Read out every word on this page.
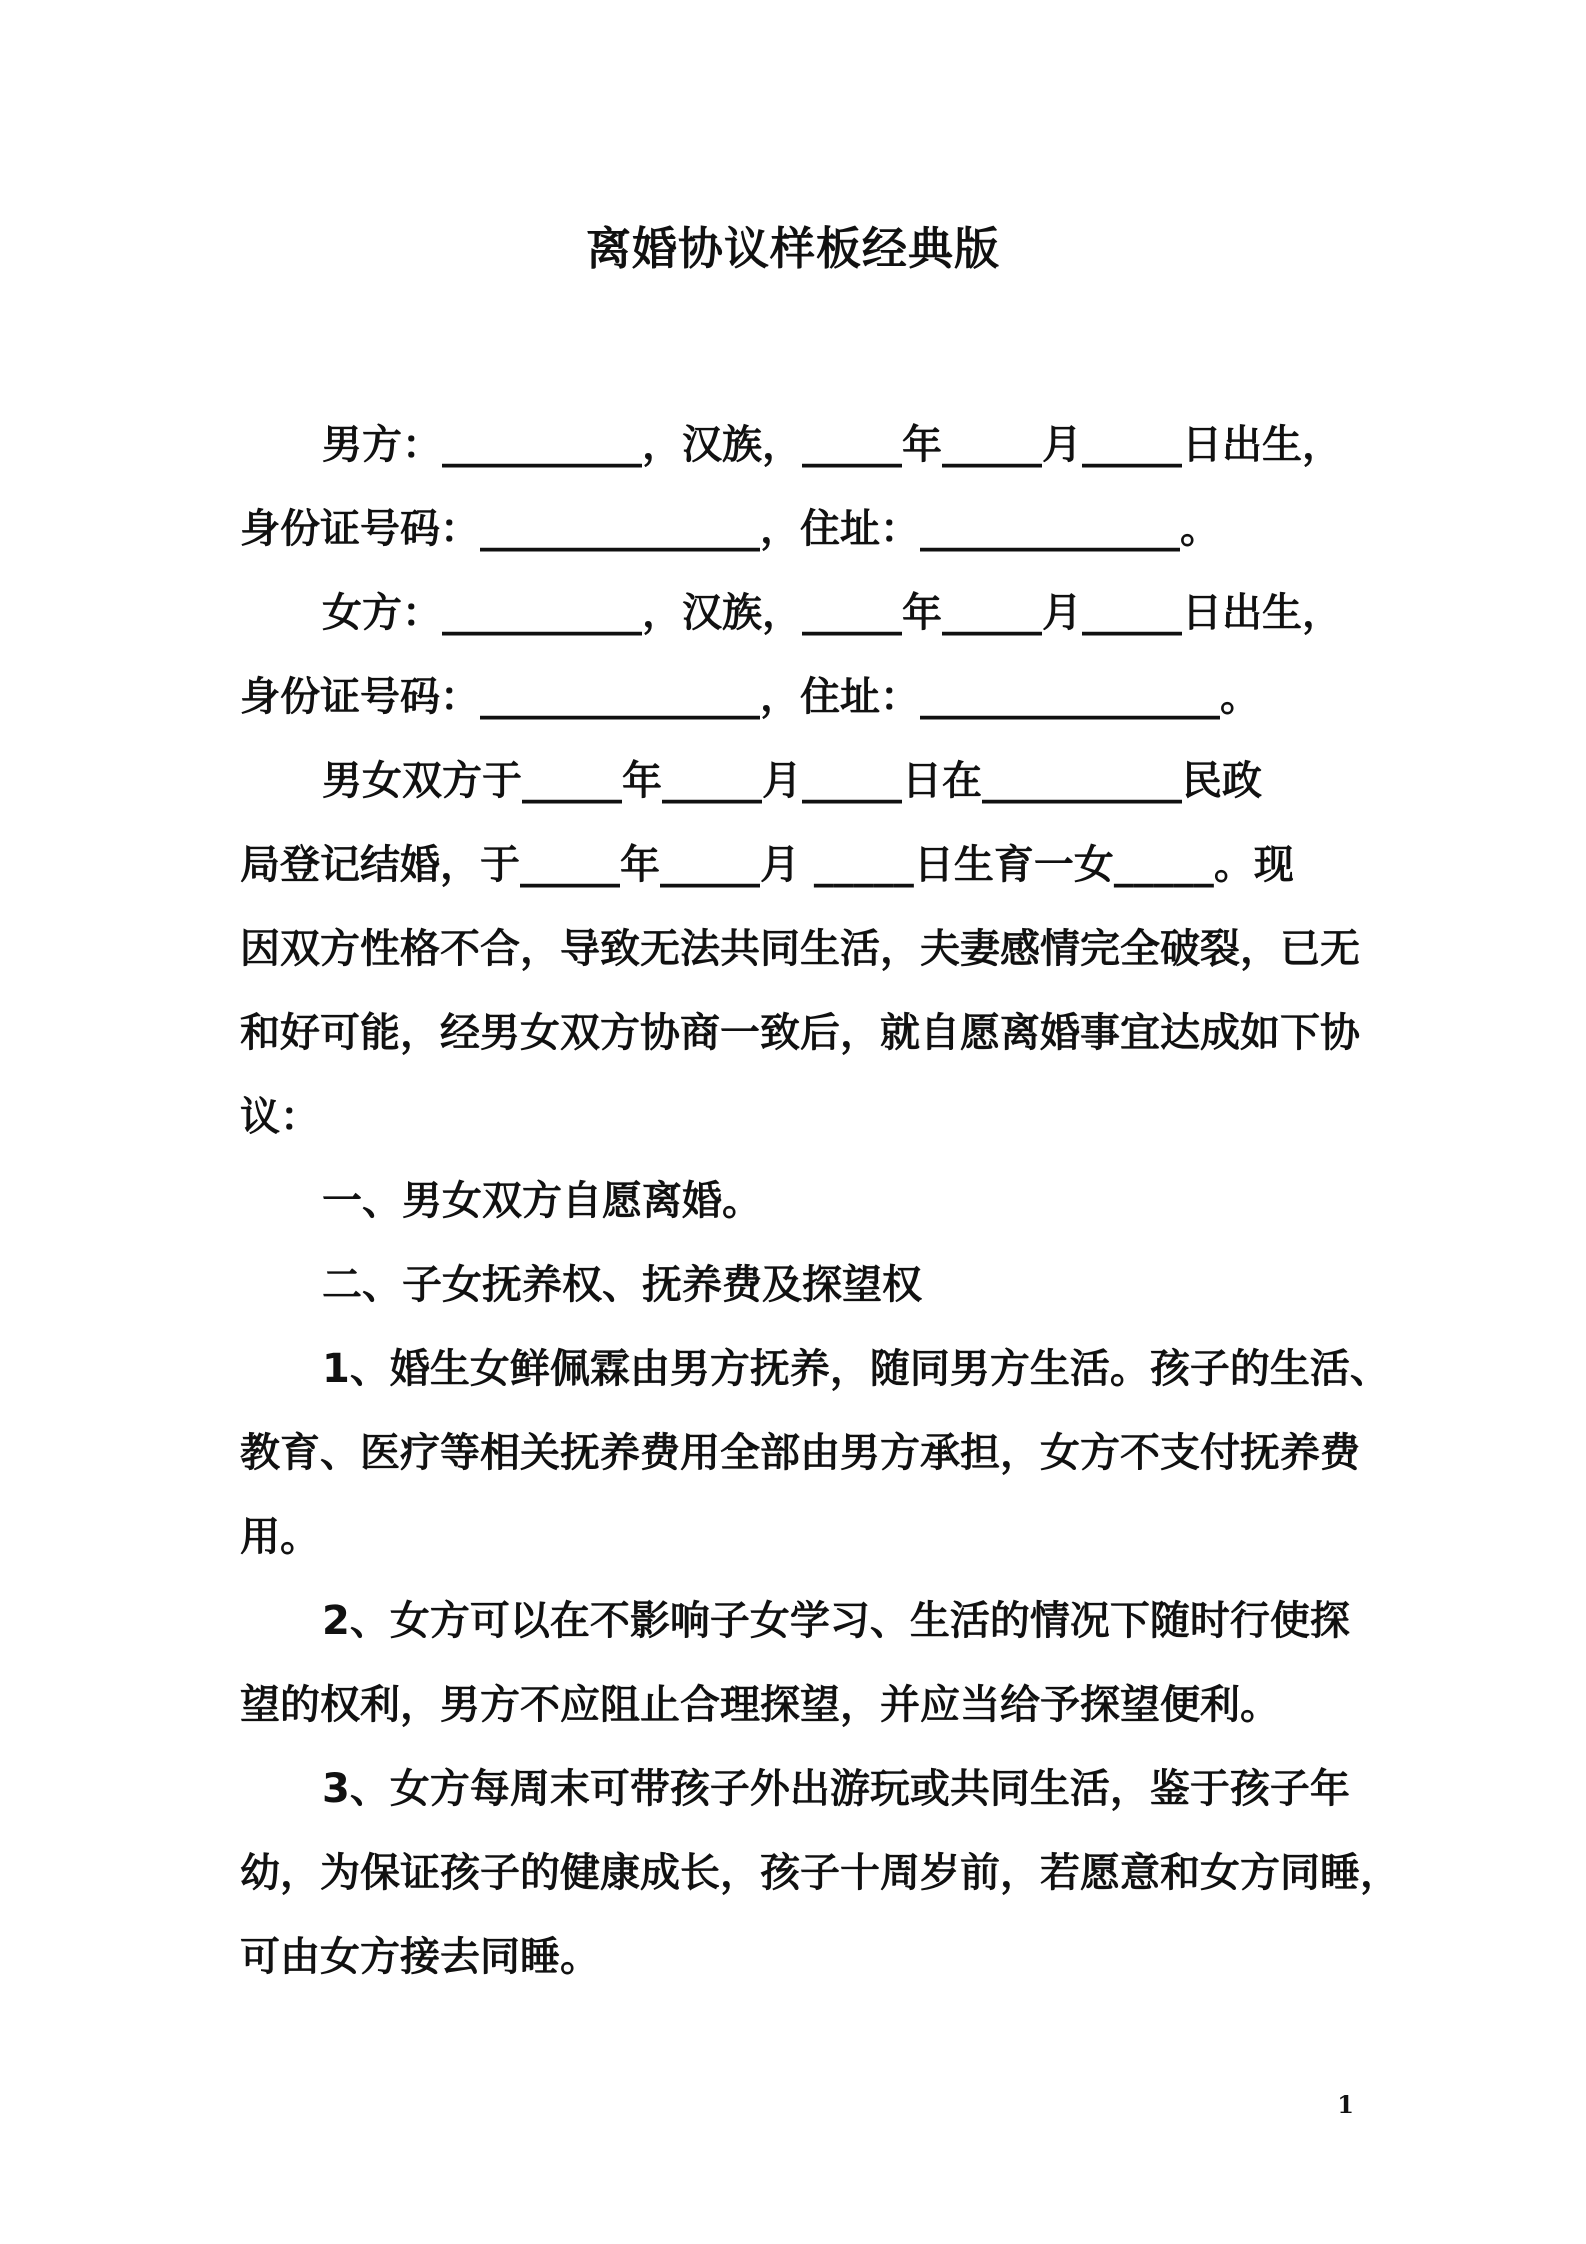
离婚协议样板经典版

男方：__________，汉族，_____年_____月_____日出生，

身份证号码：______________，住址：_____________。

女方：__________，汉族，_____年_____月_____日出生，

身份证号码：______________，住址：_______________。

男女双方于_____年_____月_____日在__________民政

局登记结婚，于_____年_____月 _____日生育一女_____。现

因双方性格不合，导致无法共同生活，夫妻感情完全破裂，已无

和好可能，经男女双方协商一致后，就自愿离婚事宜达成如下协

议：

一、男女双方自愿离婚。

二、子女抚养权、抚养费及探望权

1、婚生女鲜佩霖由男方抚养，随同男方生活。孩子的生活、

教育、医疗等相关抚养费用全部由男方承担，女方不支付抚养费

用。

2、女方可以在不影响子女学习、生活的情况下随时行使探

望的权利，男方不应阻止合理探望，并应当给予探望便利。

3、女方每周末可带孩子外出游玩或共同生活，鉴于孩子年

幼，为保证孩子的健康成长，孩子十周岁前，若愿意和女方同睡，

可由女方接去同睡。

1
